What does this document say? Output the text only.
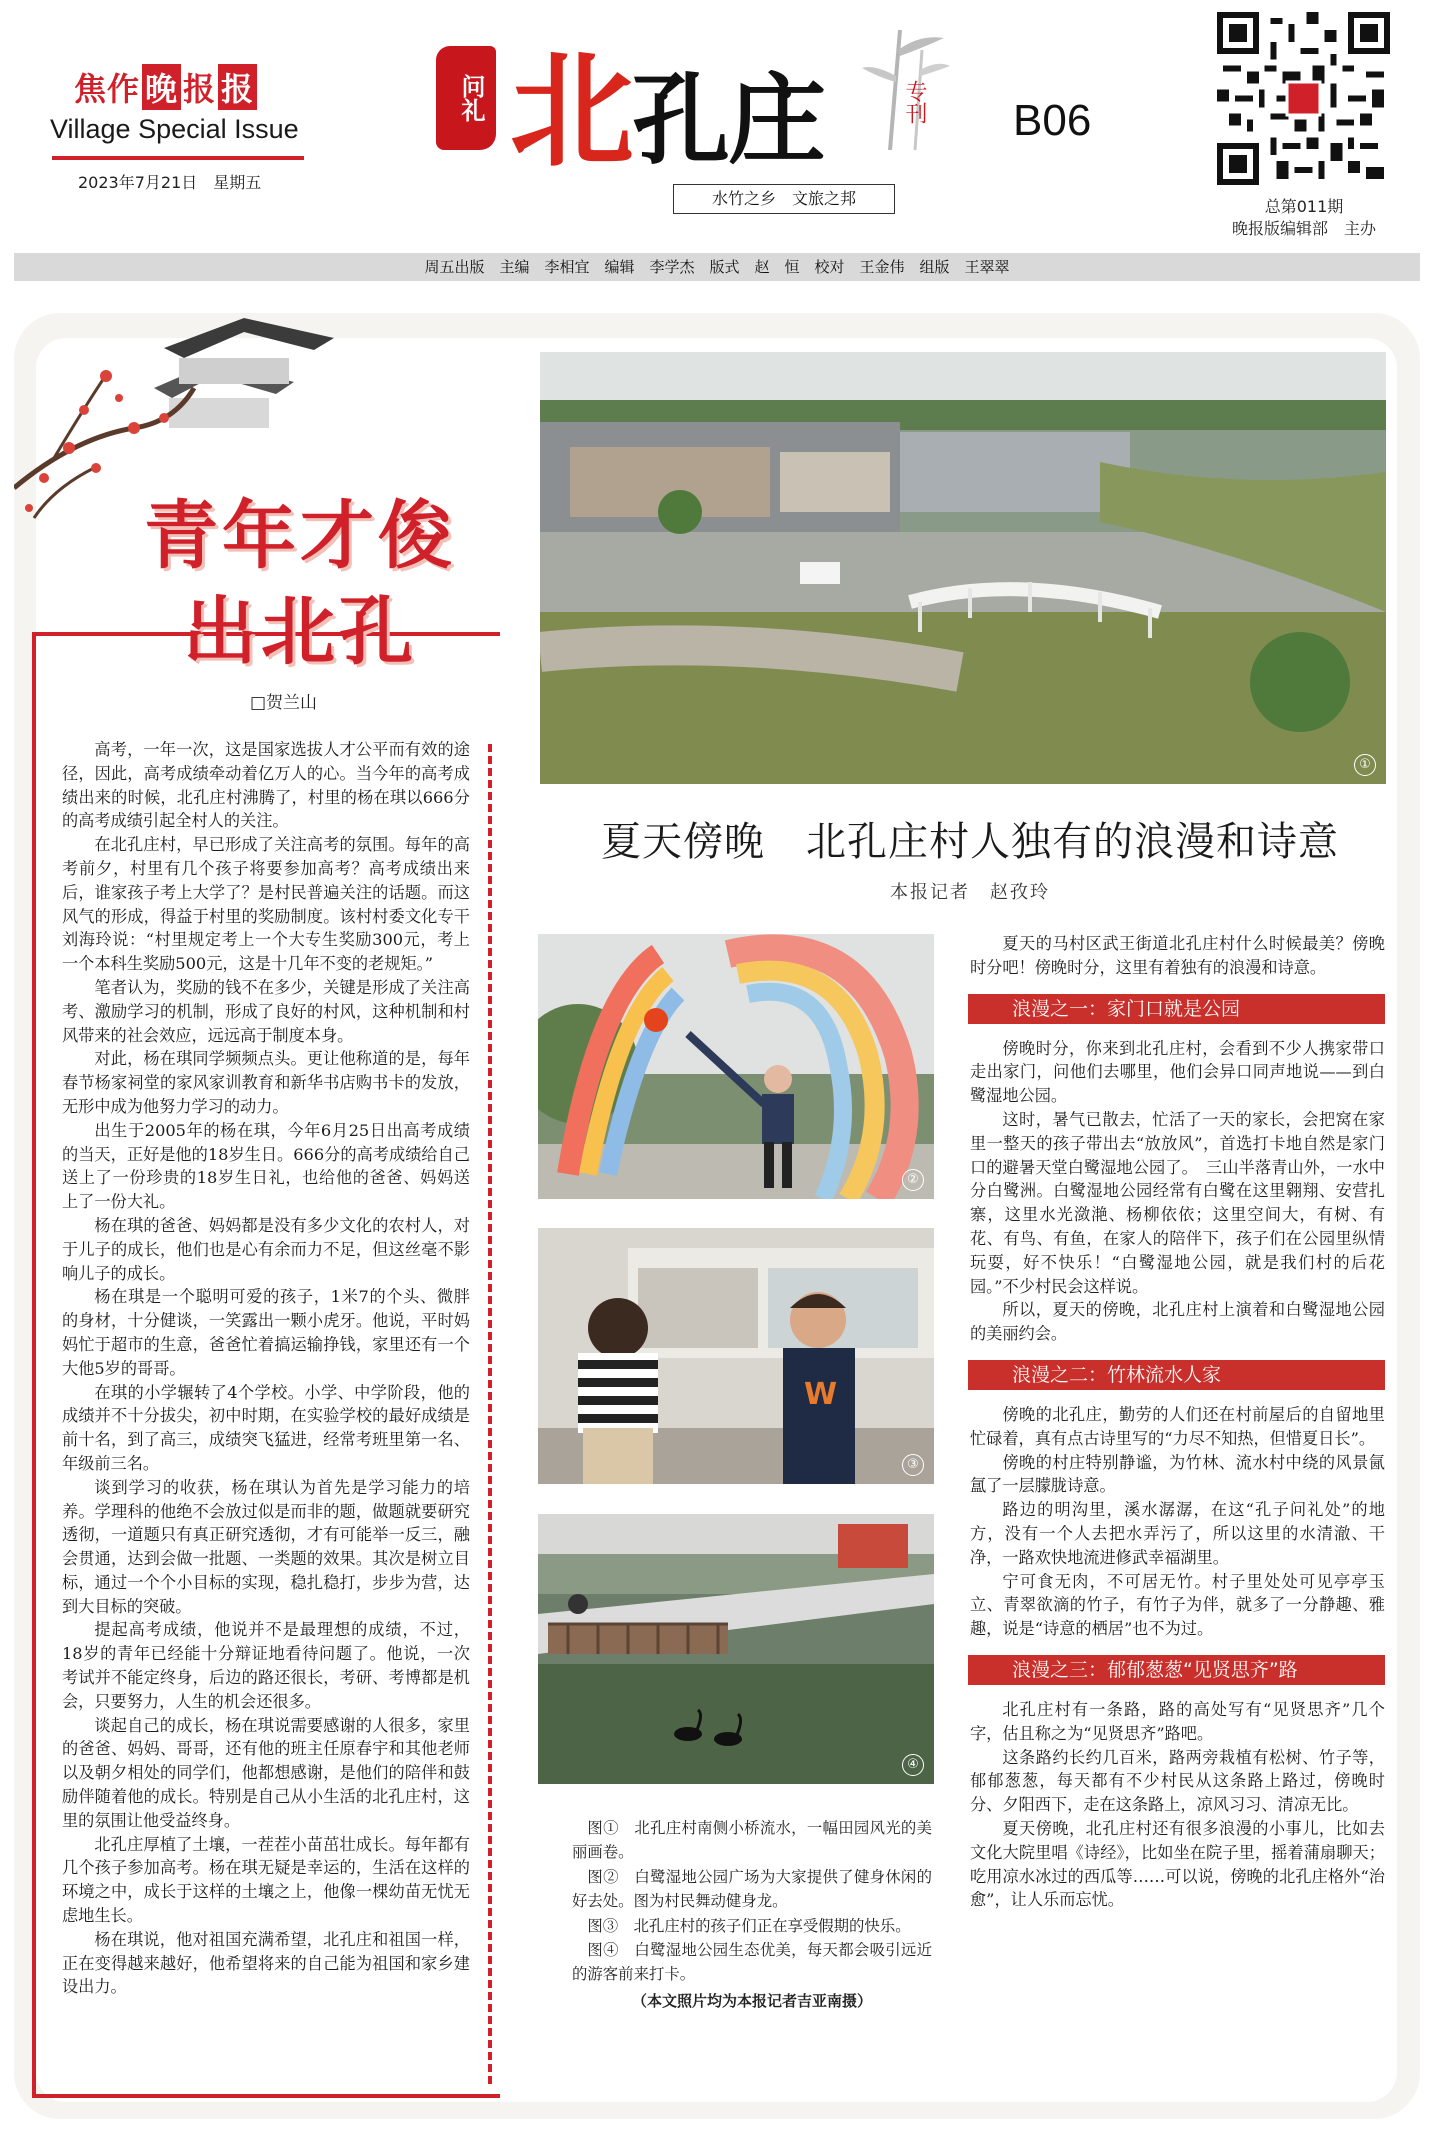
焦作 晚 报 报
Village Special Issue
2023年7月21日　星期五
问礼 北孔庄	专刊
水竹之乡　文旅之邦
B06
总第011期
晚报版编辑部　主办
周五出版　主编　李相宜　编辑　李学杰　版式　赵　恒　校对　王金伟　组版　王翠翠
青年才俊
出北孔
□贺兰山

高考，一年一次，这是国家选拔人才公平而有效的途径，因此，高考成绩牵动着亿万人的心。当今年的高考成绩出来的时候，北孔庄村沸腾了，村里的杨在琪以666分的高考成绩引起全村人的关注。

在北孔庄村，早已形成了关注高考的氛围。每年的高考前夕，村里有几个孩子将要参加高考？高考成绩出来后，谁家孩子考上大学了？是村民普遍关注的话题。而这风气的形成，得益于村里的奖励制度。该村村委文化专干刘海玲说：“村里规定考上一个大专生奖励300元，考上一个本科生奖励500元，这是十几年不变的老规矩。”

笔者认为，奖励的钱不在多少，关键是形成了关注高考、激励学习的机制，形成了良好的村风，这种机制和村风带来的社会效应，远远高于制度本身。

对此，杨在琪同学频频点头。更让他称道的是，每年春节杨家祠堂的家风家训教育和新华书店购书卡的发放，无形中成为他努力学习的动力。

出生于2005年的杨在琪，今年6月25日出高考成绩的当天，正好是他的18岁生日。666分的高考成绩给自己送上了一份珍贵的18岁生日礼，也给他的爸爸、妈妈送上了一份大礼。

杨在琪的爸爸、妈妈都是没有多少文化的农村人，对于儿子的成长，他们也是心有余而力不足，但这丝毫不影响儿子的成长。

杨在琪是一个聪明可爱的孩子，1米7的个头、微胖的身材，十分健谈，一笑露出一颗小虎牙。他说，平时妈妈忙于超市的生意，爸爸忙着搞运输挣钱，家里还有一个大他5岁的哥哥。

在琪的小学辗转了4个学校。小学、中学阶段，他的成绩并不十分拔尖，初中时期，在实验学校的最好成绩是前十名，到了高三，成绩突飞猛进，经常考班里第一名、年级前三名。

谈到学习的收获，杨在琪认为首先是学习能力的培养。学理科的他绝不会放过似是而非的题，做题就要研究透彻，一道题只有真正研究透彻，才有可能举一反三，融会贯通，达到会做一批题、一类题的效果。其次是树立目标，通过一个个小目标的实现，稳扎稳打，步步为营，达到大目标的突破。

提起高考成绩，他说并不是最理想的成绩，不过，18岁的青年已经能十分辩证地看待问题了。他说，一次考试并不能定终身，后边的路还很长，考研、考博都是机会，只要努力，人生的机会还很多。

谈起自己的成长，杨在琪说需要感谢的人很多，家里的爸爸、妈妈、哥哥，还有他的班主任原春宇和其他老师以及朝夕相处的同学们，他都想感谢，是他们的陪伴和鼓励伴随着他的成长。特别是自己从小生活的北孔庄村，这里的氛围让他受益终身。

北孔庄厚植了土壤，一茬茬小苗茁壮成长。每年都有几个孩子参加高考。杨在琪无疑是幸运的，生活在这样的环境之中，成长于这样的土壤之上，他像一棵幼苗无忧无虑地生长。

杨在琪说，他对祖国充满希望，北孔庄和祖国一样，正在变得越来越好，他希望将来的自己能为祖国和家乡建设出力。

①
夏天傍晚　北孔庄村人独有的浪漫和诗意
本报记者　赵孜玲
②
W
③
④

图①　北孔庄村南侧小桥流水，一幅田园风光的美丽画卷。

图②　白鹭湿地公园广场为大家提供了健身休闲的好去处。图为村民舞动健身龙。

图③　北孔庄村的孩子们正在享受假期的快乐。

图④　白鹭湿地公园生态优美，每天都会吸引远近的游客前来打卡。

（本文照片均为本报记者吉亚南摄）

夏天的马村区武王街道北孔庄村什么时候最美？傍晚时分吧！傍晚时分，这里有着独有的浪漫和诗意。

浪漫之一：家门口就是公园

傍晚时分，你来到北孔庄村，会看到不少人携家带口走出家门，问他们去哪里，他们会异口同声地说——到白鹭湿地公园。

这时，暑气已散去，忙活了一天的家长，会把窝在家里一整天的孩子带出去“放放风”，首选打卡地自然是家门口的避暑天堂白鹭湿地公园了。　三山半落青山外，一水中分白鹭洲。白鹭湿地公园经常有白鹭在这里翱翔、安营扎寨，这里水光潋滟、杨柳依依；这里空间大，有树、有花、有鸟、有鱼，在家人的陪伴下，孩子们在公园里纵情玩耍，好不快乐！“白鹭湿地公园，就是我们村的后花园。”不少村民会这样说。

所以，夏天的傍晚，北孔庄村上演着和白鹭湿地公园的美丽约会。

浪漫之二：竹林流水人家

傍晚的北孔庄，勤劳的人们还在村前屋后的自留地里忙碌着，真有点古诗里写的“力尽不知热，但惜夏日长”。

傍晚的村庄特别静谧，为竹林、流水村中绕的风景氤氲了一层朦胧诗意。

路边的明沟里，溪水潺潺，在这“孔子问礼处”的地方，没有一个人去把水弄污了，所以这里的水清澈、干净，一路欢快地流进修武幸福湖里。

宁可食无肉，不可居无竹。村子里处处可见亭亭玉立、青翠欲滴的竹子，有竹子为伴，就多了一分静趣、雅趣，说是“诗意的栖居”也不为过。

浪漫之三：郁郁葱葱“见贤思齐”路

北孔庄村有一条路，路的高处写有“见贤思齐”几个字，估且称之为“见贤思齐”路吧。

这条路约长约几百米，路两旁栽植有松树、竹子等，郁郁葱葱，每天都有不少村民从这条路上路过，傍晚时分、夕阳西下，走在这条路上，凉风习习、清凉无比。

夏天傍晚，北孔庄村还有很多浪漫的小事儿，比如去文化大院里唱《诗经》，比如坐在院子里，摇着蒲扇聊天；吃用凉水冰过的西瓜等……可以说，傍晚的北孔庄格外“治愈”，让人乐而忘忧。
